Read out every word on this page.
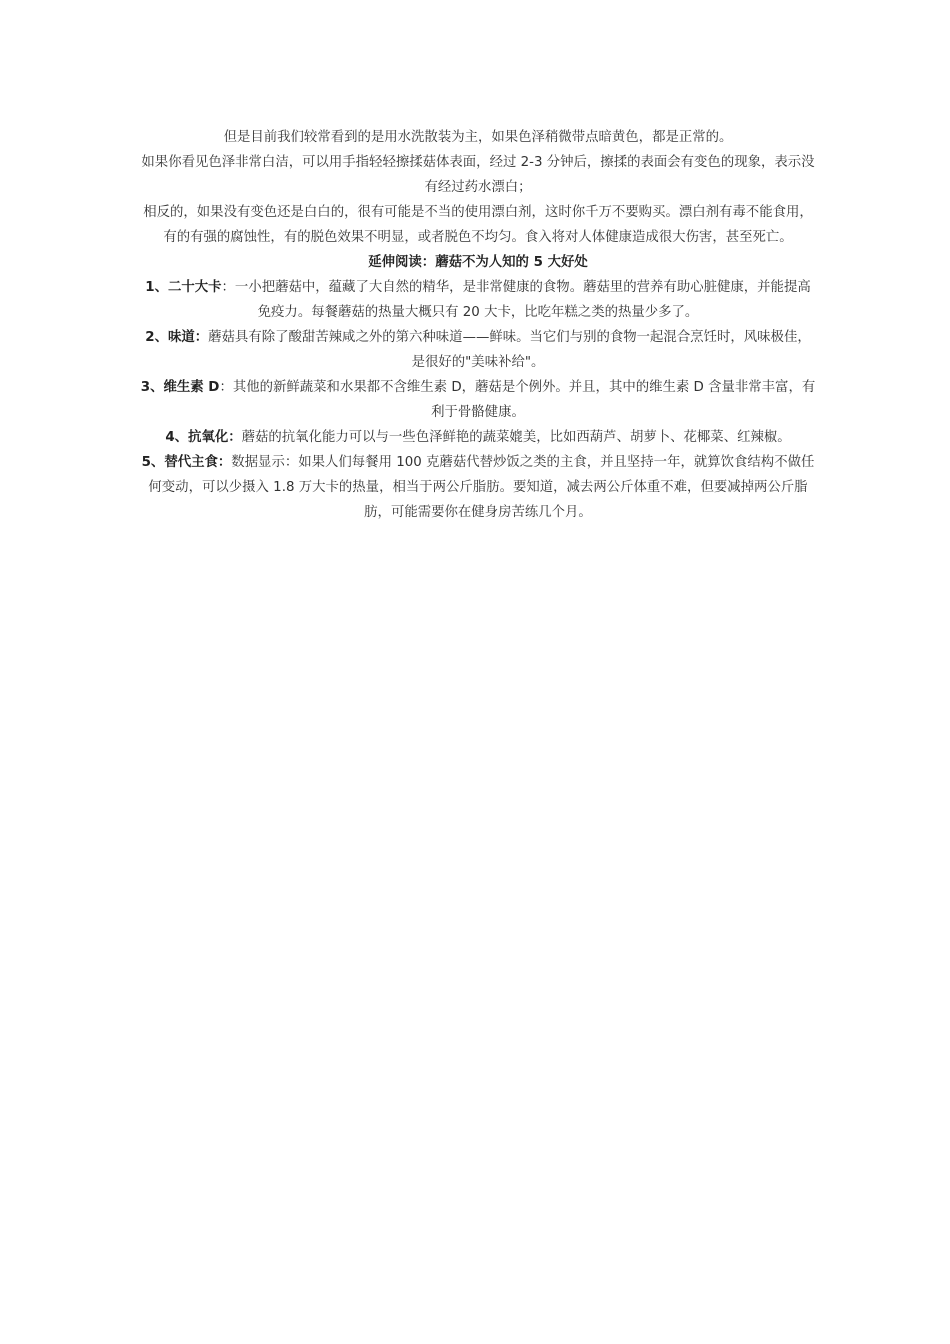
但是目前我们较常看到的是用水洗散装为主，如果色泽稍微带点暗黄色，都是正常的。

如果你看见色泽非常白洁，可以用手指轻轻擦揉菇体表面，经过 2-3 分钟后，擦揉的表面会有变色的现象，表示没有经过药水漂白；

相反的，如果没有变色还是白白的，很有可能是不当的使用漂白剂，这时你千万不要购买。漂白剂有毒不能食用，有的有强的腐蚀性，有的脱色效果不明显，或者脱色不均匀。食入将对人体健康造成很大伤害，甚至死亡。

延伸阅读：蘑菇不为人知的 5 大好处

1、二十大卡：一小把蘑菇中，蕴藏了大自然的精华，是非常健康的食物。蘑菇里的营养有助心脏健康，并能提高免疫力。每餐蘑菇的热量大概只有 20 大卡，比吃年糕之类的热量少多了。

2、味道：蘑菇具有除了酸甜苦辣咸之外的第六种味道——鲜味。当它们与别的食物一起混合烹饪时，风味极佳，是很好的"美味补给"。

3、维生素 D：其他的新鲜蔬菜和水果都不含维生素 D，蘑菇是个例外。并且，其中的维生素 D 含量非常丰富，有利于骨骼健康。

4、抗氧化：蘑菇的抗氧化能力可以与一些色泽鲜艳的蔬菜媲美，比如西葫芦、胡萝卜、花椰菜、红辣椒。

5、替代主食：数据显示：如果人们每餐用 100 克蘑菇代替炒饭之类的主食，并且坚持一年，就算饮食结构不做任何变动，可以少摄入 1.8 万大卡的热量，相当于两公斤脂肪。要知道，减去两公斤体重不难，但要减掉两公斤脂肪，可能需要你在健身房苦练几个月。
